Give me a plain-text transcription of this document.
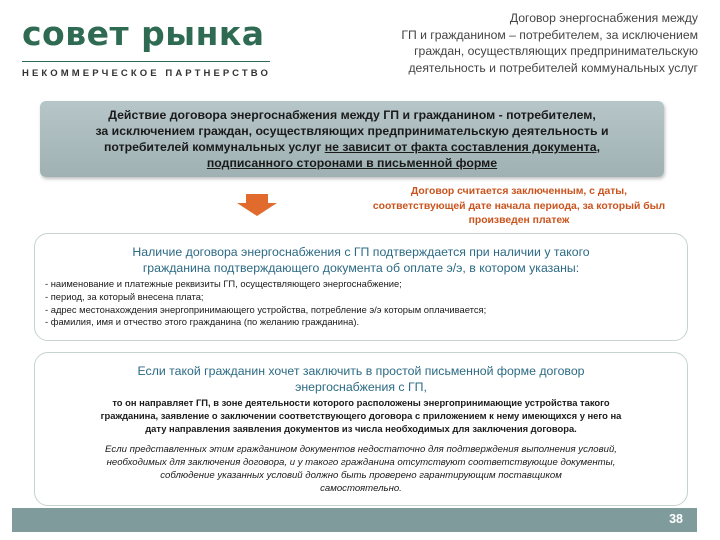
совет рынка
НЕКОММЕРЧЕСКОЕ ПАРТНЕРСТВО
Договор энергоснабжения между
ГП и гражданином – потребителем, за исключением
граждан, осуществляющих предпринимательскую
деятельность и потребителей коммунальных услуг
Действие договора энергоснабжения между ГП и гражданином - потребителем,
за исключением граждан, осуществляющих предпринимательскую деятельность и
потребителей коммунальных услуг не зависит от факта составления документа,
подписанного сторонами в письменной форме
Договор считается заключенным, с даты,
соответствующей дате начала периода, за который был
произведен платеж
Наличие договора энергоснабжения с ГП подтверждается при наличии у такого
гражданина подтверждающего документа об оплате э/э, в котором указаны:
- наименование и платежные реквизиты ГП, осуществляющего энергоснабжение;
- период, за который внесена плата;
- адрес местонахождения энергопринимающего устройства, потребление э/э которым оплачивается;
- фамилия, имя и отчество этого гражданина (по желанию гражданина).
Если такой гражданин хочет заключить в простой письменной форме договор
энергоснабжения с ГП,
то он направляет ГП, в зоне деятельности которого расположены энергопринимающие устройства такого
гражданина, заявление о заключении соответствующего договора с приложением к нему имеющихся у него на
дату направления заявления документов из числа необходимых для заключения договора.
Если представленных этим гражданином документов недостаточно для подтверждения выполнения условий,
необходимых для заключения договора, и у такого гражданина отсутствуют соответствующие документы,
соблюдение указанных условий должно быть проверено гарантирующим поставщиком
самостоятельно.
38
